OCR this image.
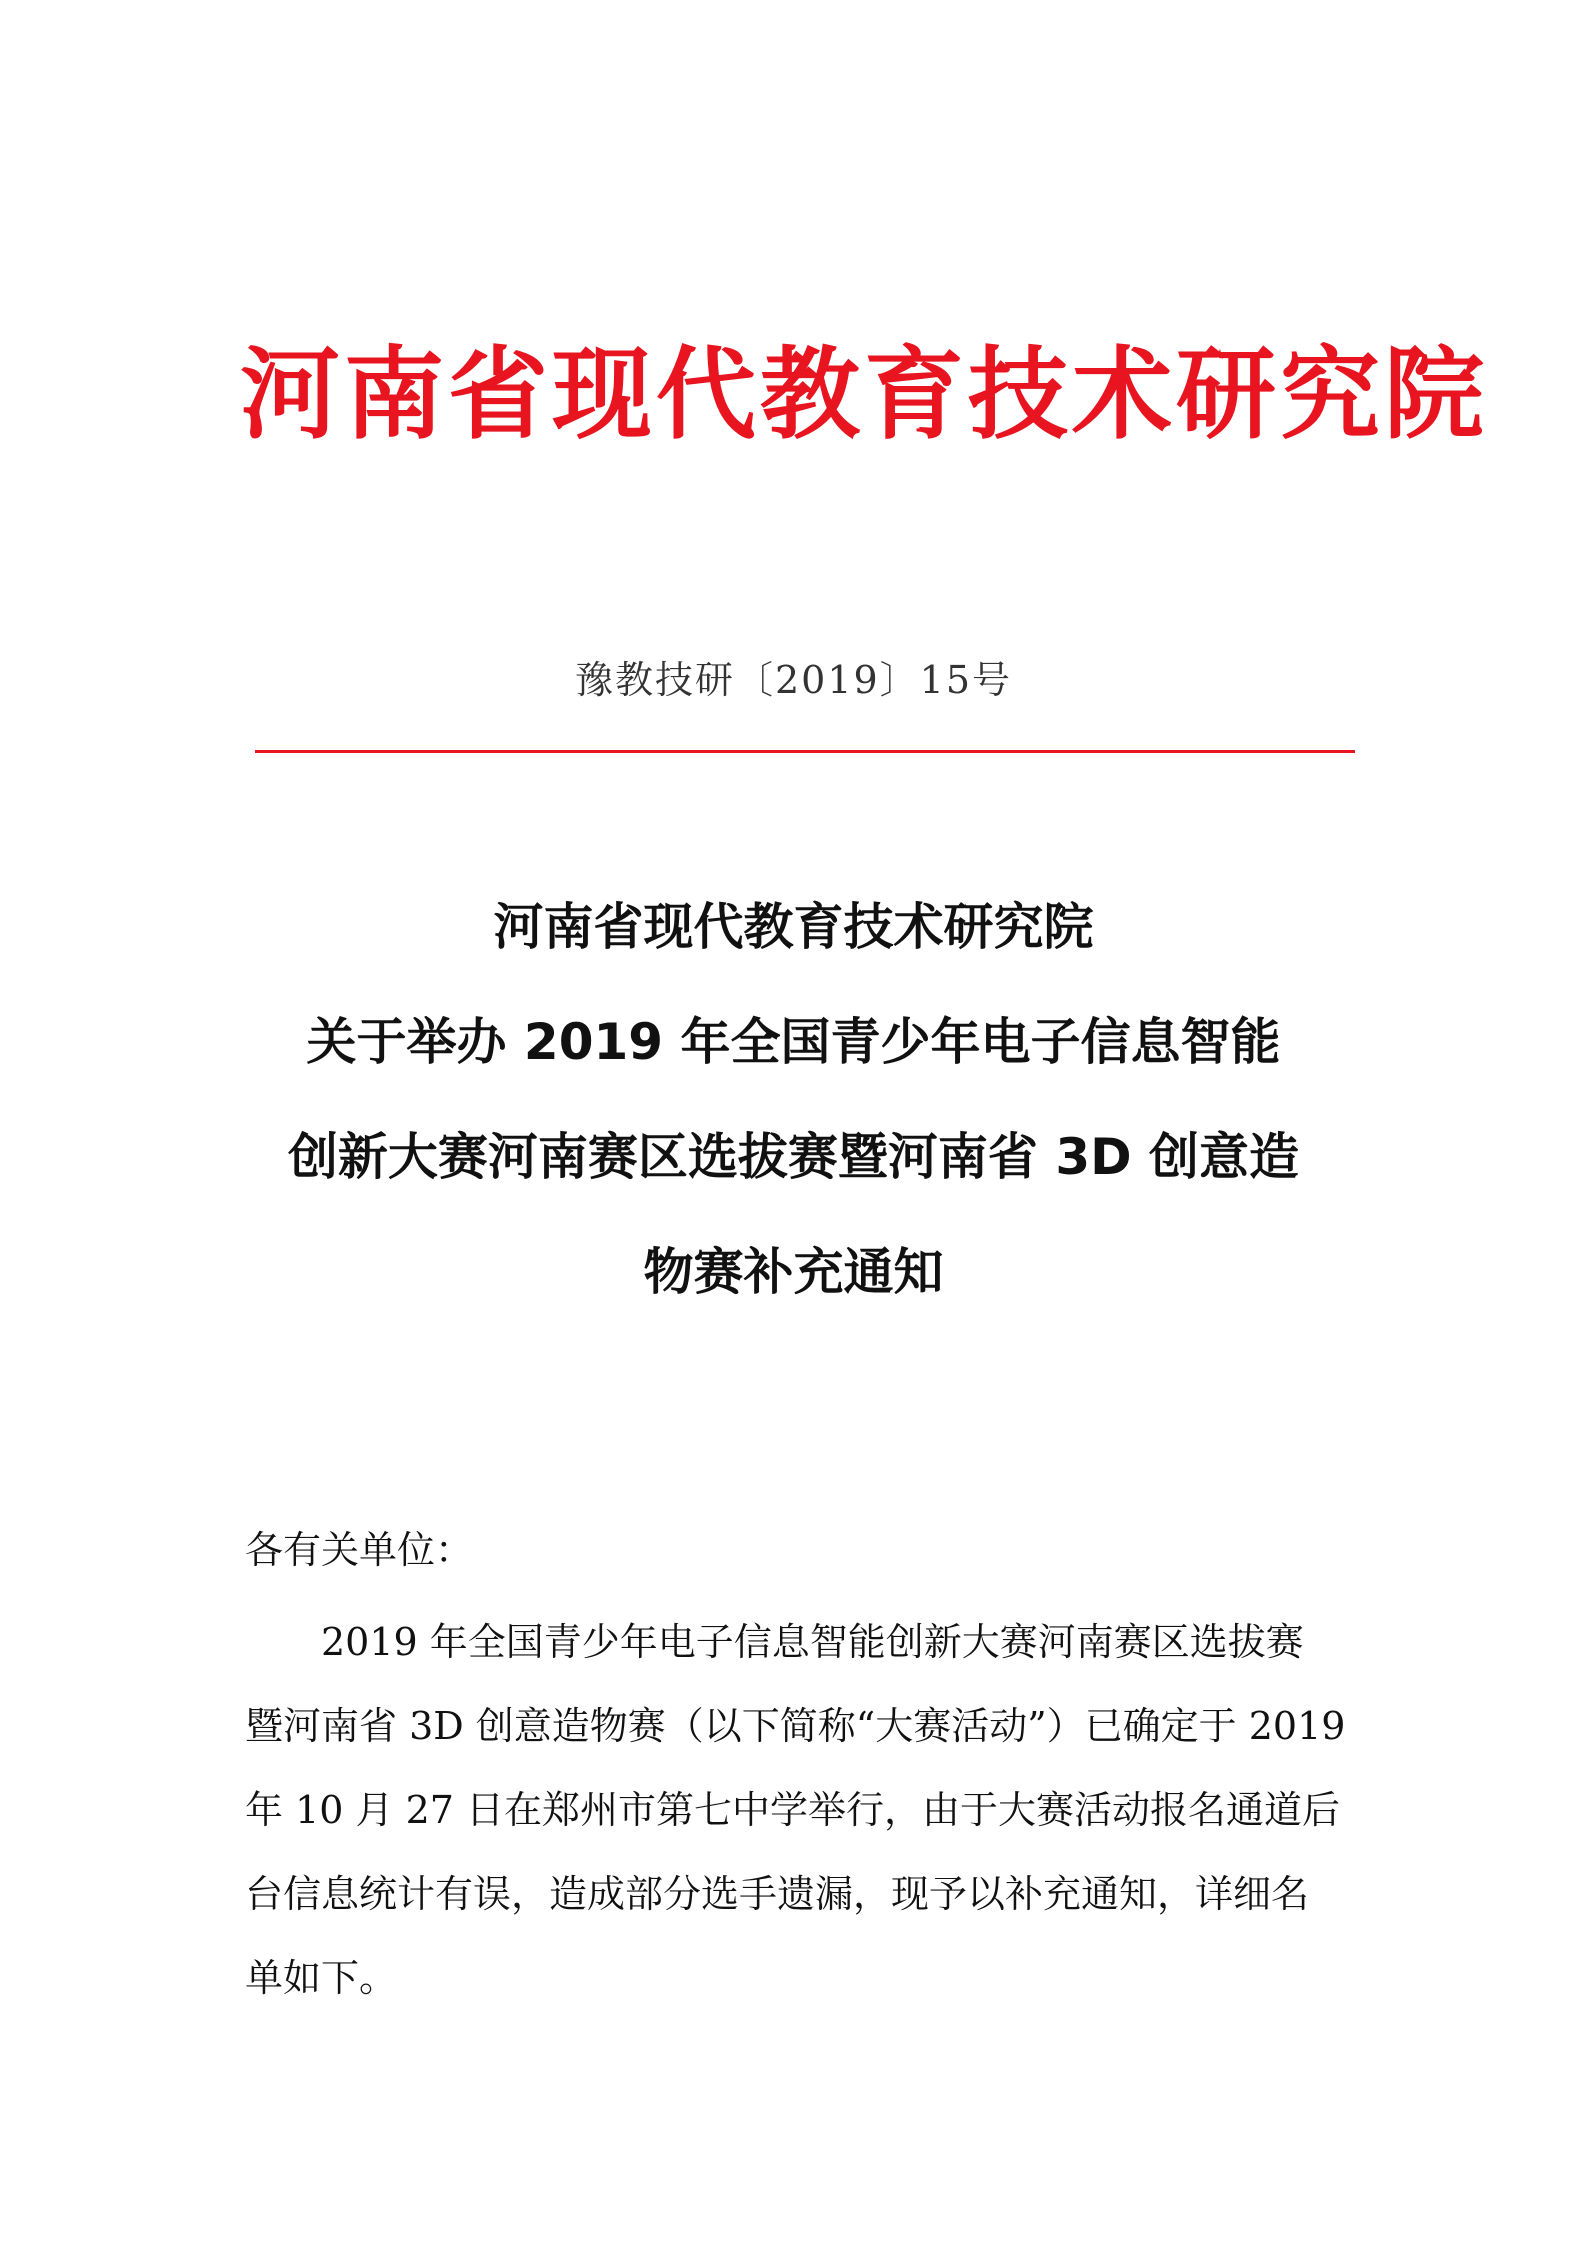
河南省现代教育技术研究院
豫教技研〔2019〕15号
河南省现代教育技术研究院
关于举办 2019 年全国青少年电子信息智能
创新大赛河南赛区选拔赛暨河南省 3D 创意造
物赛补充通知
各有关单位：
2019 年全国青少年电子信息智能创新大赛河南赛区选拔赛
暨河南省 3D 创意造物赛（以下简称“大赛活动”）已确定于 2019
年 10 月 27 日在郑州市第七中学举行，由于大赛活动报名通道后
台信息统计有误，造成部分选手遗漏，现予以补充通知，详细名
单如下。
